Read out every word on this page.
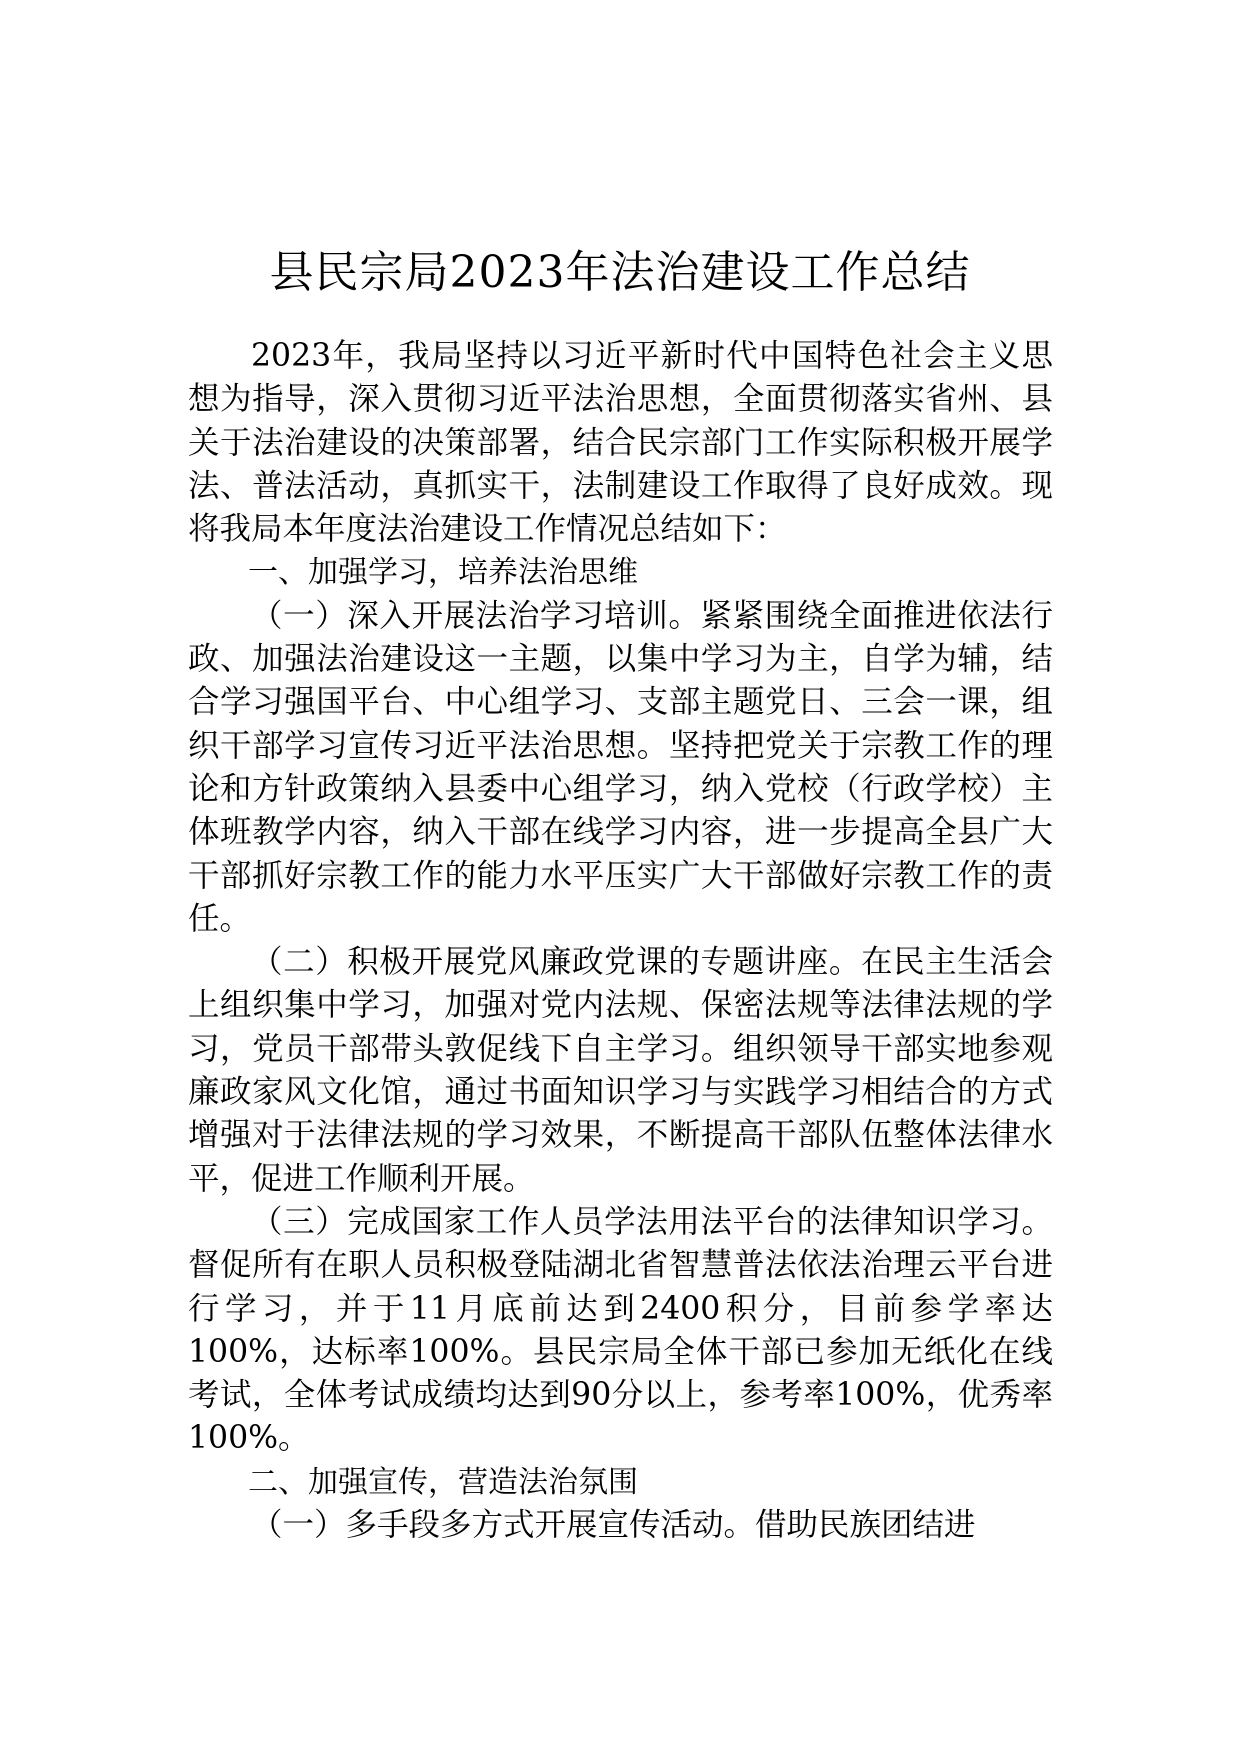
县民宗局2023年法治建设工作总结

2023年，我局坚持以习近平新时代中国特色社会主义思想为指导，深入贯彻习近平法治思想，全面贯彻落实省州、县关于法治建设的决策部署，结合民宗部门工作实际积极开展学法、普法活动，真抓实干，法制建设工作取得了良好成效。现将我局本年度法治建设工作情况总结如下：

一、加强学习，培养法治思维

（一）深入开展法治学习培训。紧紧围绕全面推进依法行政、加强法治建设这一主题，以集中学习为主，自学为辅，结合学习强国平台、中心组学习、支部主题党日、三会一课，组织干部学习宣传习近平法治思想。坚持把党关于宗教工作的理论和方针政策纳入县委中心组学习，纳入党校（行政学校）主体班教学内容，纳入干部在线学习内容，进一步提高全县广大干部抓好宗教工作的能力水平压实广大干部做好宗教工作的责任。

（二）积极开展党风廉政党课的专题讲座。在民主生活会上组织集中学习，加强对党内法规、保密法规等法律法规的学习，党员干部带头敦促线下自主学习。组织领导干部实地参观廉政家风文化馆，通过书面知识学习与实践学习相结合的方式增强对于法律法规的学习效果，不断提高干部队伍整体法律水平，促进工作顺利开展。

（三）完成国家工作人员学法用法平台的法律知识学习。督促所有在职人员积极登陆湖北省智慧普法依法治理云平台进行学习，并于11月底前达到2400积分，目前参学率达100%，达标率100%。县民宗局全体干部已参加无纸化在线考试，全体考试成绩均达到90分以上，参考率100%，优秀率100%。

二、加强宣传，营造法治氛围

（一）多手段多方式开展宣传活动。借助民族团结进
